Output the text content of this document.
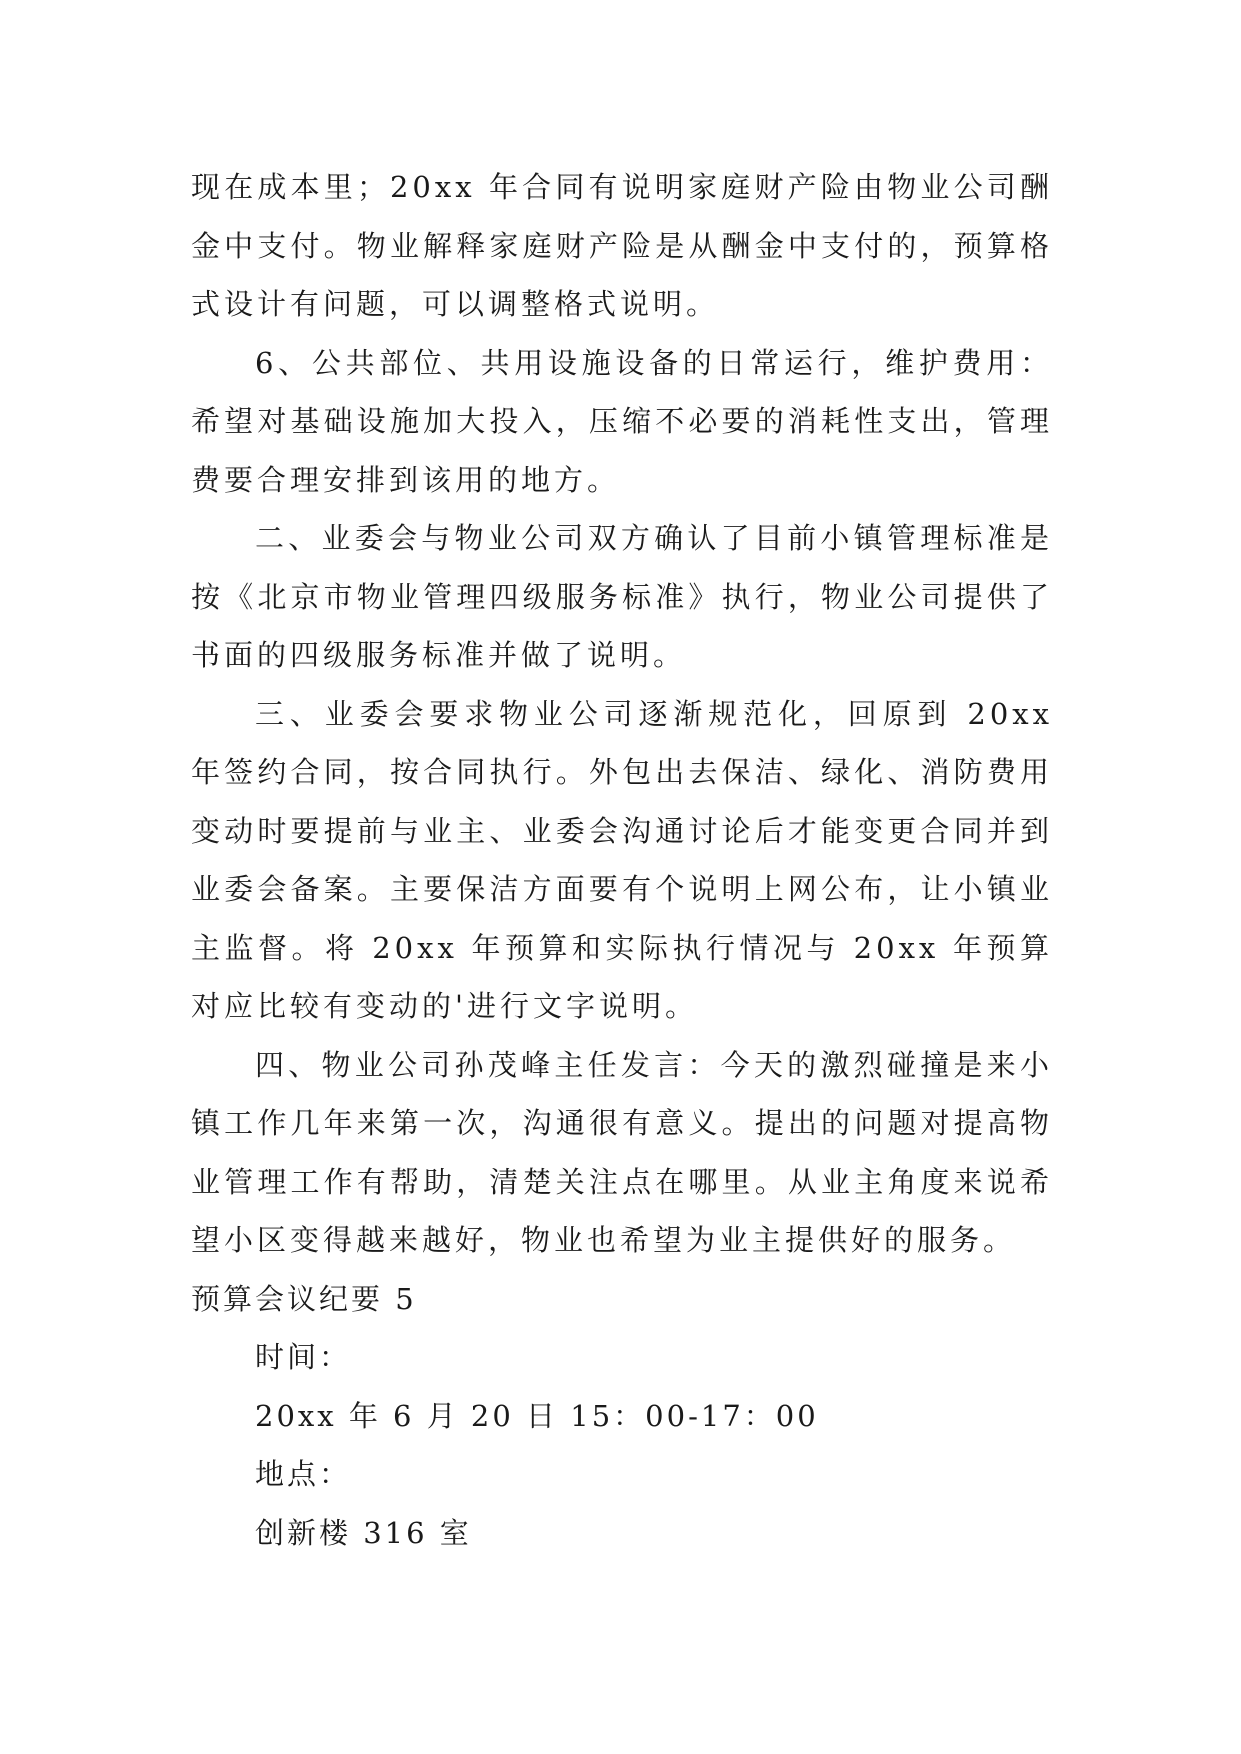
现在成本里；20xx 年合同有说明家庭财产险由物业公司酬金中支付。物业解释家庭财产险是从酬金中支付的，预算格式设计有问题，可以调整格式说明。

6、公共部位、共用设施设备的日常运行，维护费用：希望对基础设施加大投入，压缩不必要的消耗性支出，管理费要合理安排到该用的地方。

二、业委会与物业公司双方确认了目前小镇管理标准是按《北京市物业管理四级服务标准》执行，物业公司提供了书面的四级服务标准并做了说明。

三、业委会要求物业公司逐渐规范化，回原到 20xx 年签约合同，按合同执行。外包出去保洁、绿化、消防费用变动时要提前与业主、业委会沟通讨论后才能变更合同并到业委会备案。主要保洁方面要有个说明上网公布，让小镇业主监督。将 20xx 年预算和实际执行情况与 20xx 年预算对应比较有变动的'进行文字说明。

四、物业公司孙茂峰主任发言：今天的激烈碰撞是来小镇工作几年来第一次，沟通很有意义。提出的问题对提高物业管理工作有帮助，清楚关注点在哪里。从业主角度来说希望小区变得越来越好，物业也希望为业主提供好的服务。

预算会议纪要 5

时间：

20xx 年 6 月 20 日 15：00-17：00

地点：

创新楼 316 室
